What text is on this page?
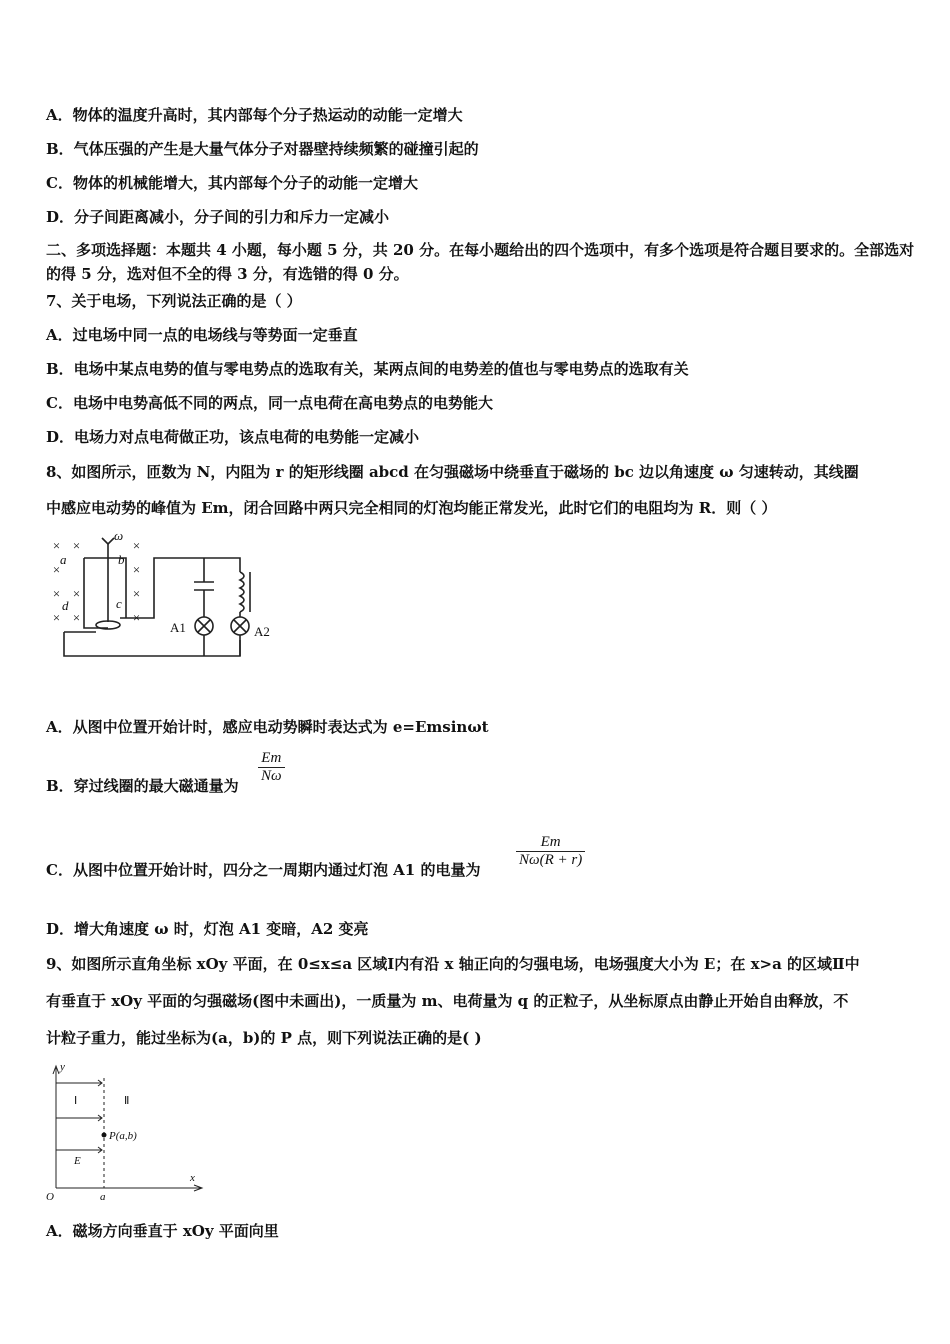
A．物体的温度升高时，其内部每个分子热运动的动能一定增大
B．气体压强的产生是大量气体分子对器壁持续频繁的碰撞引起的
C．物体的机械能增大，其内部每个分子的动能一定增大
D．分子间距离减小，分子间的引力和斥力一定减小
二、多项选择题：本题共 4 小题，每小题 5 分，共 20 分。在每小题给出的四个选项中，有多个选项是符合题目要求的。全部选对的得 5 分，选对但不全的得 3 分，有选错的得 0 分。
7、关于电场，下列说法正确的是（ ）
A．过电场中同一点的电场线与等势面一定垂直
B．电场中某点电势的值与零电势点的选取有关，某两点间的电势差的值也与零电势点的选取有关
C．电场中电势高低不同的两点，同一点电荷在高电势点的电势能大
D．电场力对点电荷做正功，该点电荷的电势能一定减小
8、如图所示，匝数为 N，内阻为 r 的矩形线圈 abcd 在匀强磁场中绕垂直于磁场的 bc 边以角速度 ω 匀速转动，其线圈
中感应电动势的峰值为 Em，闭合回路中两只完全相同的灯泡均能正常发光，此时它们的电阻均为 R．则（ ）
× ×	×
×	×
× ×	×
× ×	×
ω
a	b
c
d
A1	A2
A．从图中位置开始计时，感应电动势瞬时表达式为 e=Emsinωt
B．穿过线圈的最大磁通量为
$\frac{Em}{N\omega}$
C．从图中位置开始计时，四分之一周期内通过灯泡 A1 的电量为
$\frac{Em}{N\omega(R + r)}$
D．增大角速度 ω 时，灯泡 A1 变暗，A2 变亮
9、如图所示直角坐标 xOy 平面，在 0≤x≤a 区域Ⅰ内有沿 x 轴正向的匀强电场，电场强度大小为 E；在 x>a 的区域Ⅱ中
有垂直于 xOy 平面的匀强磁场(图中未画出)，一质量为 m、电荷量为 q 的正粒子，从坐标原点由静止开始自由释放，不
计粒子重力，能过坐标为(a，b)的 P 点，则下列说法正确的是( )
y
x
O	a
Ⅰ	Ⅱ
E
P(a,b)
A．磁场方向垂直于 xOy 平面向里
